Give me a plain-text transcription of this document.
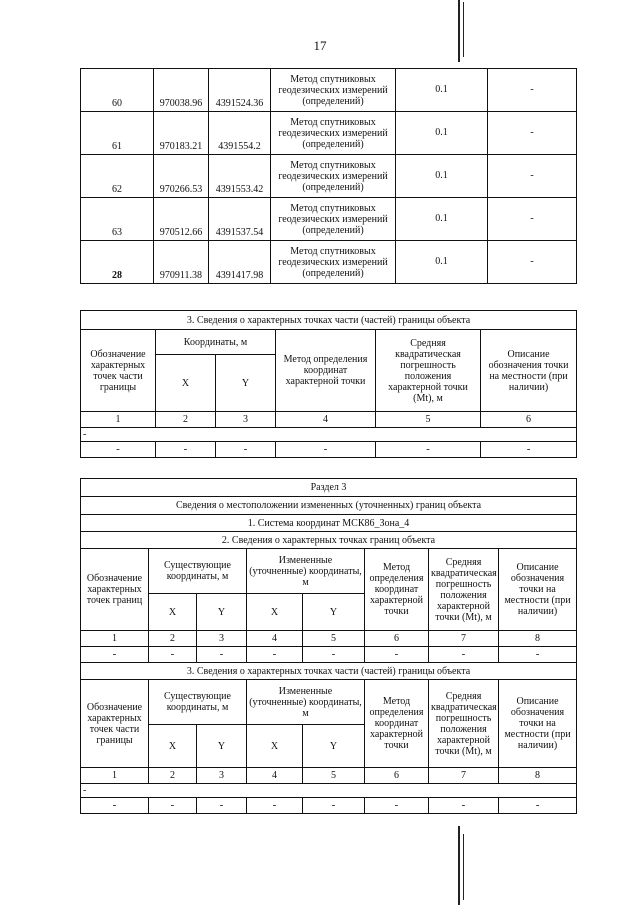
17
60	970038.96	4391524.36	Метод спутниковых геодезических измерений (определений)	0.1	-
61	970183.21	4391554.2	Метод спутниковых геодезических измерений (определений)	0.1	-
62	970266.53	4391553.42	Метод спутниковых геодезических измерений (определений)	0.1	-
63	970512.66	4391537.54	Метод спутниковых геодезических измерений (определений)	0.1	-
28	970911.38	4391417.98	Метод спутниковых геодезических измерений (определений)	0.1	-
3. Сведения о характерных точках части (частей) границы объекта					
Обозначение характерных точек части границы	Координаты, м		Метод определения координат характерной точки	Средняя квадратическая погрешность положения характерной точки (Mt), м	Описание обозначения точки на местности (при наличии)
	X	Y			
1	2	3	4	5	6
-					
-	-	-	-	-	-
Раздел 3							
Сведения о местоположении измененных (уточненных) границ объекта							
1. Система координат МСК86_Зона_4							
2. Сведения о характерных точках границ объекта							
Обозначение характерных точек границ	Существующие координаты, м		Измененные (уточненные) координаты, м		Метод определения координат характерной точки	Средняя квадратическая погрешность положения характерной точки (Mt), м	Описание обозначения точки на местности (при наличии)
	X	Y	X	Y			
1	2	3	4	5	6	7	8
-	-	-	-	-	-	-	-
3. Сведения о характерных точках части (частей) границы объекта							
Обозначение характерных точек части границы	Существующие координаты, м		Измененные (уточненные) координаты, м		Метод определения координат характерной точки	Средняя квадратическая погрешность положения характерной точки (Mt), м	Описание обозначения точки на местности (при наличии)
	X	Y	X	Y			
1	2	3	4	5	6	7	8
-							
-	-	-	-	-	-	-	-
